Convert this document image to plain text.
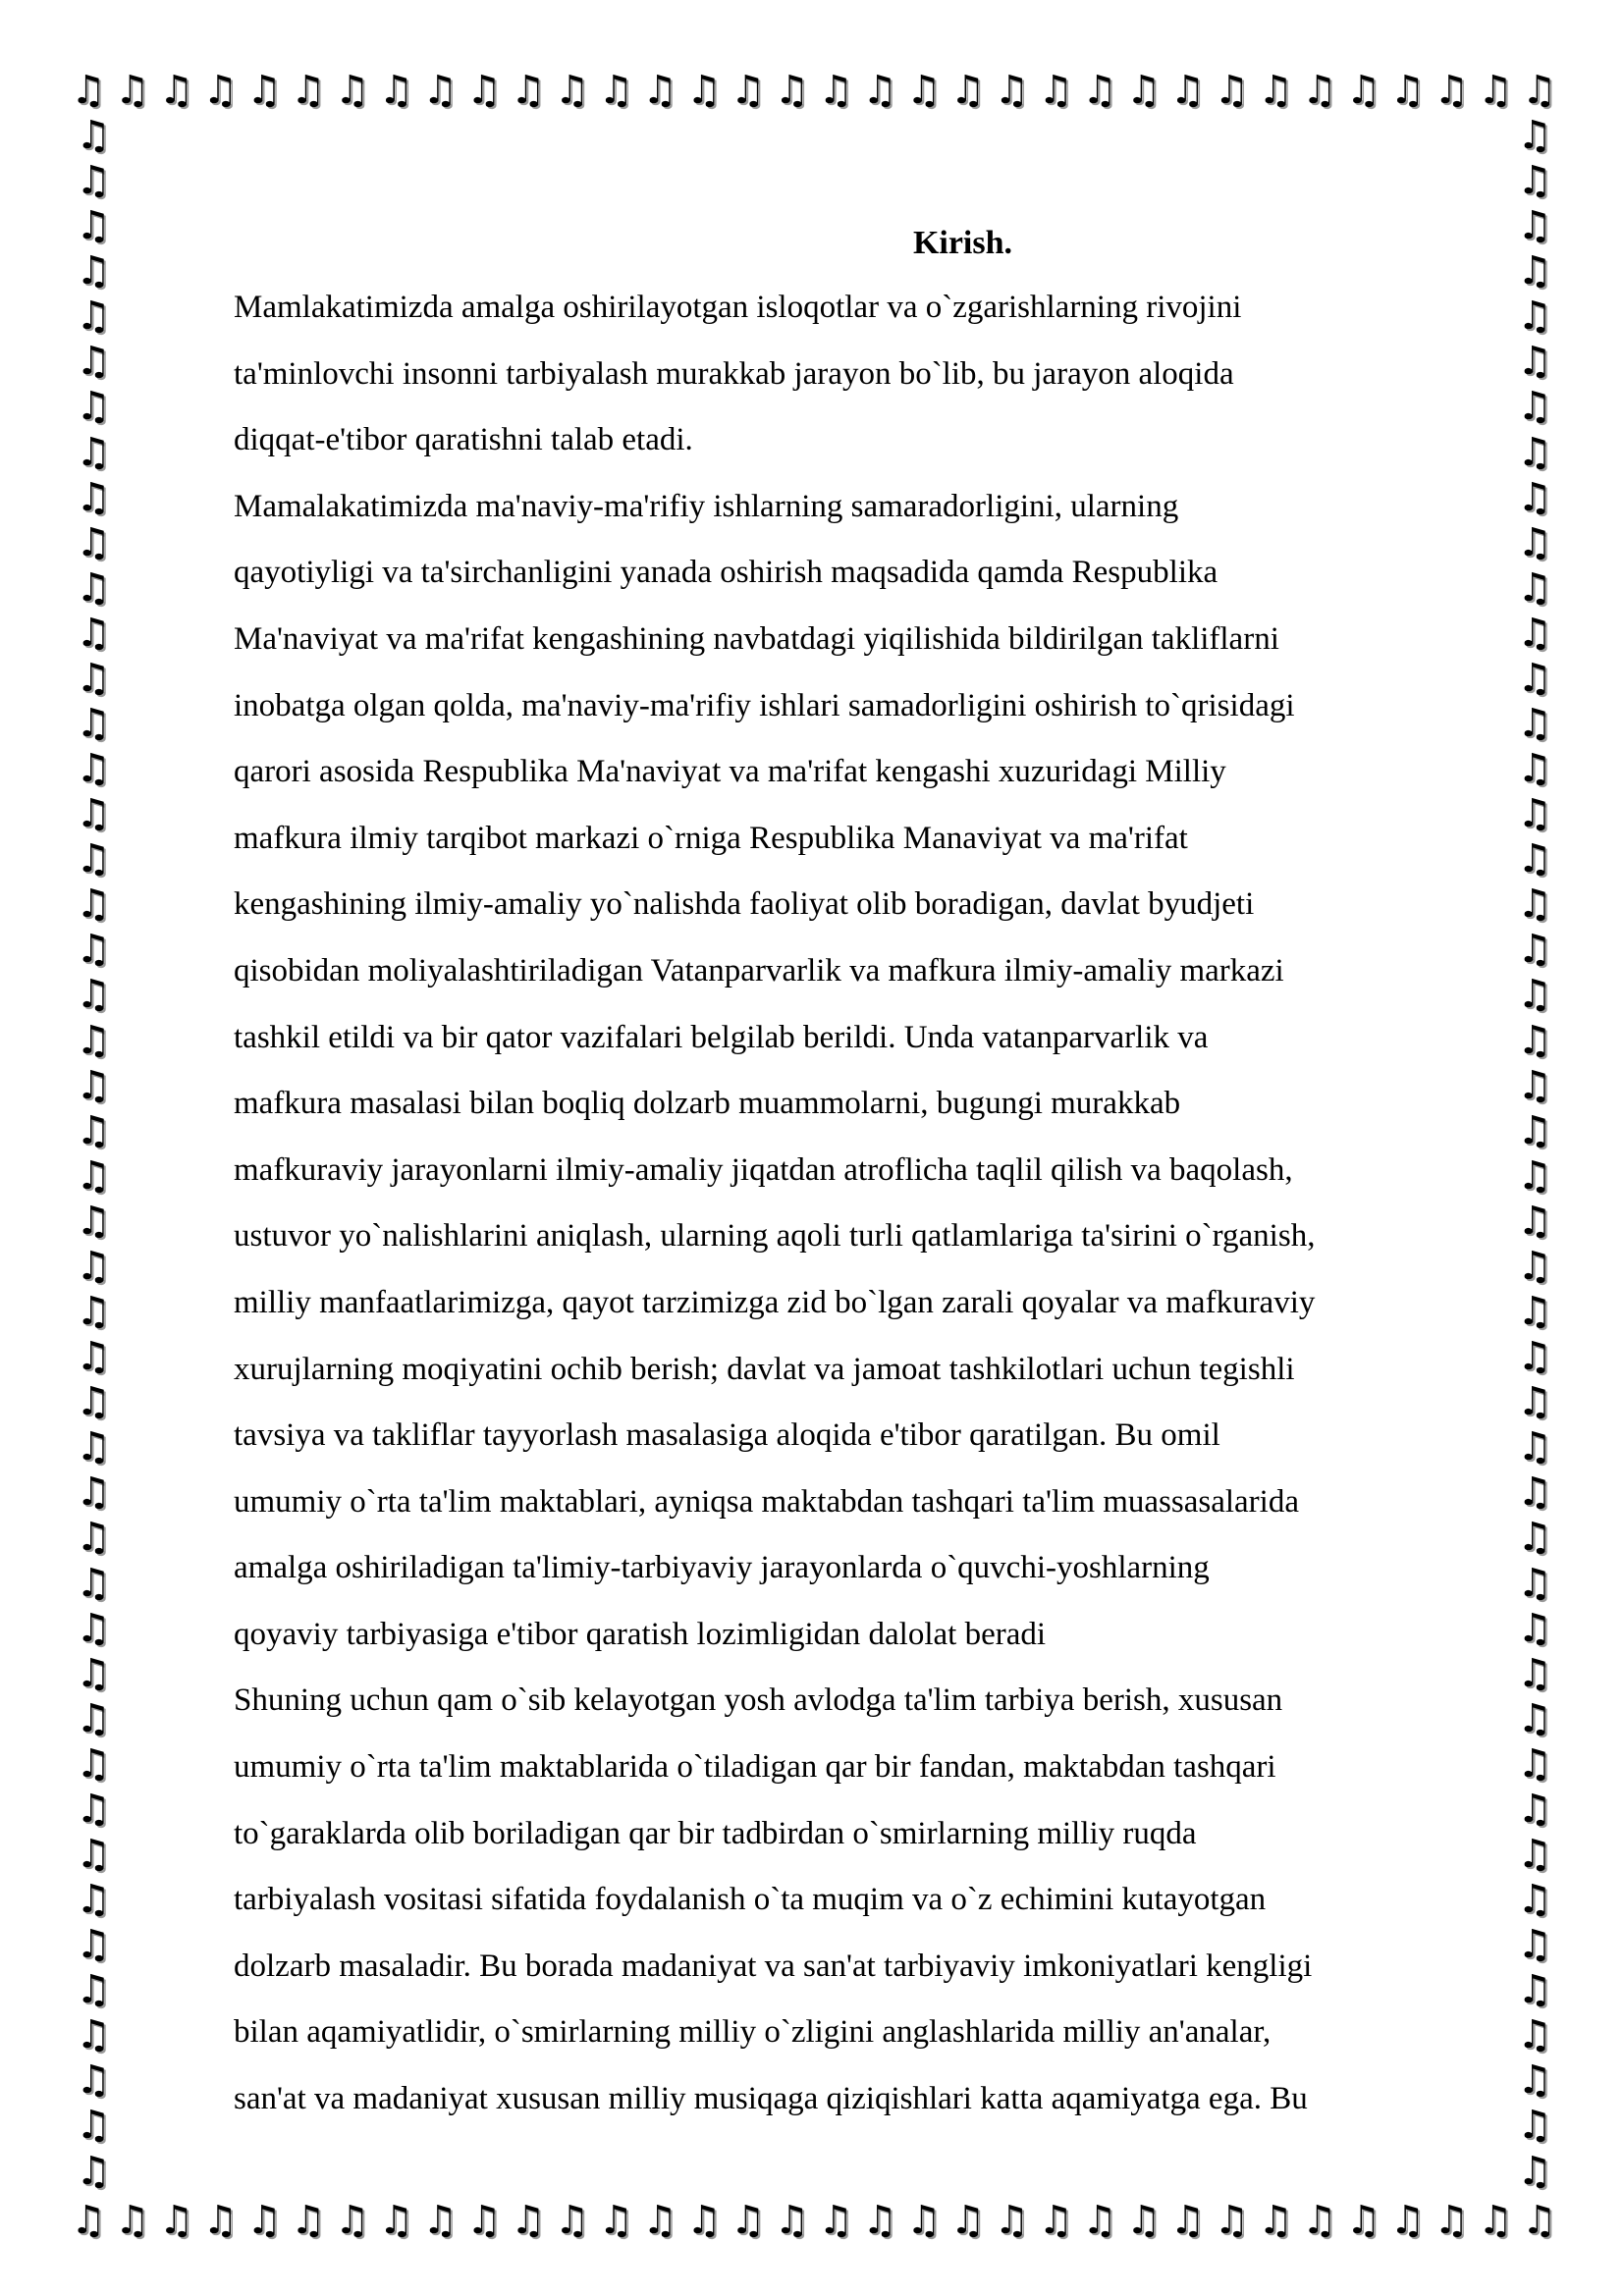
♫ ♫ ♫ ♫ ♫ ♫ ♫ ♫ ♫ ♫ ♫ ♫ ♫ ♫ ♫ ♫ ♫ ♫ ♫ ♫ ♫ ♫ ♫ ♫ ♫ ♫ ♫ ♫ ♫ ♫ ♫ ♫ ♫ ♫
♫
♫
♫
♫
♫
♫
♫
♫
♫
♫
♫
♫
♫
♫
♫
♫
♫
♫
♫
♫
♫
♫
♫
♫
♫
♫
♫
♫
♫
♫
♫
♫
♫
♫
♫
♫
♫
♫
♫
♫
♫
♫
♫
♫
♫
♫
♫
♫
♫
♫
♫
♫
♫
♫
♫
♫
♫
♫
♫
♫
♫
♫
♫
♫
♫
♫
♫
♫
♫
♫
♫
♫
♫
♫
♫
♫
♫
♫
♫
♫
♫
♫
♫
♫
♫
♫
♫
♫
♫
♫
♫
♫
♫ ♫ ♫ ♫ ♫ ♫ ♫ ♫ ♫ ♫ ♫ ♫ ♫ ♫ ♫ ♫ ♫ ♫ ♫ ♫ ♫ ♫ ♫ ♫ ♫ ♫ ♫ ♫ ♫ ♫ ♫ ♫ ♫ ♫
Kirish.

Mamlakatimizda amalga oshirilayotgan isloqotlar va o`zgarishlarning rivojini

ta'minlovchi insonni tarbiyalash murakkab jarayon bo`lib, bu jarayon aloqida

diqqat-e'tibor qaratishni talab etadi.

Mamalakatimizda ma'naviy-ma'rifiy ishlarning samaradorligini, ularning

qayotiyligi va ta'sirchanligini yanada oshirish maqsadida qamda Respublika

Ma'naviyat va ma'rifat kengashining navbatdagi yiqilishida bildirilgan takliflarni

inobatga olgan qolda, ma'naviy-ma'rifiy ishlari samadorligini oshirish to`qrisidagi

qarori asosida Respublika Ma'naviyat va ma'rifat kengashi xuzuridagi Milliy

mafkura ilmiy tarqibot markazi o`rniga Respublika Manaviyat va ma'rifat

kengashining ilmiy-amaliy yo`nalishda faoliyat olib boradigan, davlat byudjeti

qisobidan moliyalashtiriladigan Vatanparvarlik va mafkura ilmiy-amaliy markazi

tashkil etildi va bir qator vazifalari belgilab berildi. Unda vatanparvarlik va

mafkura masalasi bilan boqliq dolzarb muammolarni, bugungi murakkab

mafkuraviy jarayonlarni ilmiy-amaliy jiqatdan atroflicha taqlil qilish va baqolash,

ustuvor yo`nalishlarini aniqlash, ularning aqoli turli qatlamlariga ta'sirini o`rganish,

milliy manfaatlarimizga, qayot tarzimizga zid bo`lgan zarali qoyalar va mafkuraviy

xurujlarning moqiyatini ochib berish; davlat va jamoat tashkilotlari uchun tegishli

tavsiya va takliflar tayyorlash masalasiga aloqida e'tibor qaratilgan. Bu omil

umumiy o`rta ta'lim maktablari, ayniqsa maktabdan tashqari ta'lim muassasalarida

amalga oshiriladigan ta'limiy-tarbiyaviy jarayonlarda o`quvchi-yoshlarning

qoyaviy tarbiyasiga e'tibor qaratish lozimligidan dalolat beradi

Shuning uchun qam o`sib kelayotgan yosh avlodga ta'lim tarbiya berish, xususan

umumiy o`rta ta'lim maktablarida o`tiladigan qar bir fandan, maktabdan tashqari

to`garaklarda olib boriladigan qar bir tadbirdan o`smirlarning milliy ruqda

tarbiyalash vositasi sifatida foydalanish o`ta muqim va o`z echimini kutayotgan

dolzarb masaladir. Bu borada madaniyat va san'at tarbiyaviy imkoniyatlari kengligi

bilan aqamiyatlidir, o`smirlarning milliy o`zligini anglashlarida milliy an'analar,

san'at va madaniyat xususan milliy musiqaga qiziqishlari katta aqamiyatga ega. Bu
